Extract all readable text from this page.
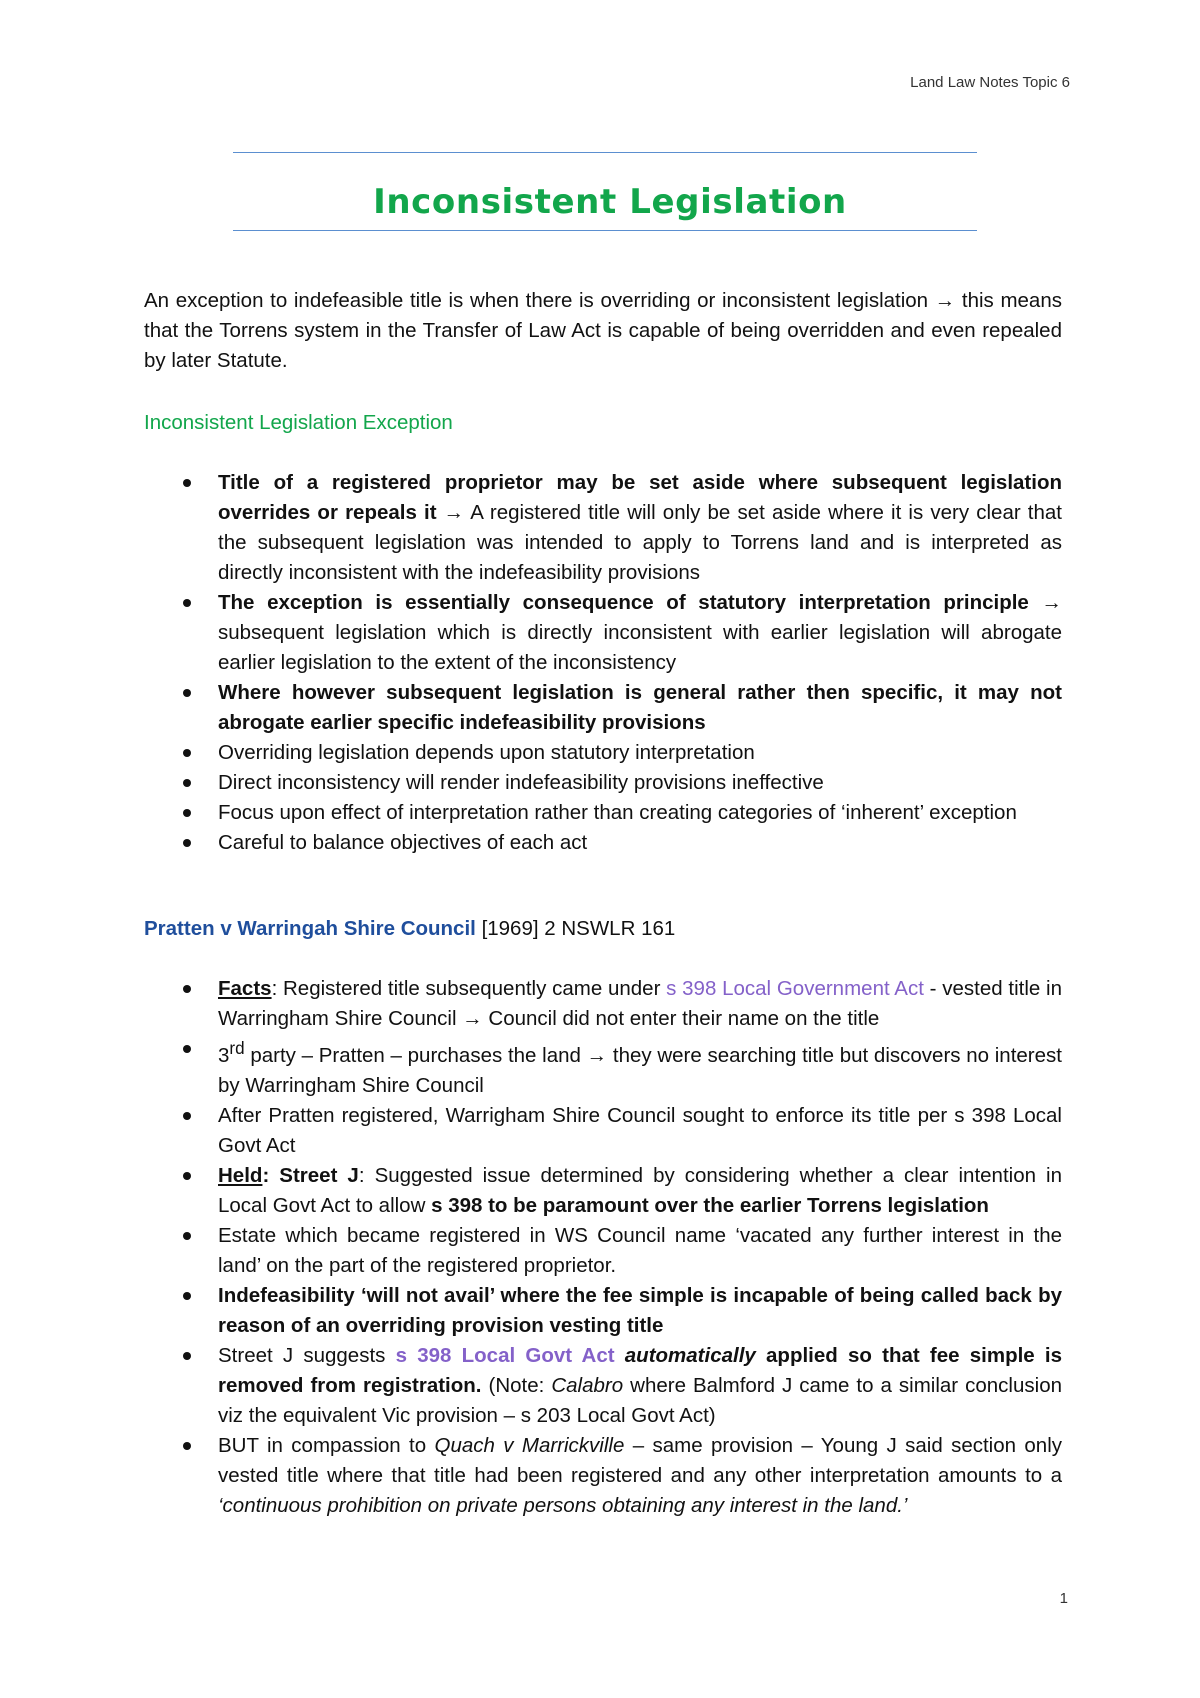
Land Law Notes Topic 6
Inconsistent Legislation

An exception to indefeasible title is when there is overriding or inconsistent legislation → this means that the Torrens system in the Transfer of Law Act is capable of being overridden and even repealed by later Statute.

Inconsistent Legislation Exception
Title of a registered proprietor may be set aside where subsequent legislation overrides or repeals it → A registered title will only be set aside where it is very clear that the subsequent legislation was intended to apply to Torrens land and is interpreted as directly inconsistent with the indefeasibility provisions
The exception is essentially consequence of statutory interpretation principle → subsequent legislation which is directly inconsistent with earlier legislation will abrogate earlier legislation to the extent of the inconsistency
Where however subsequent legislation is general rather then specific, it may not abrogate earlier specific indefeasibility provisions
Overriding legislation depends upon statutory interpretation
Direct inconsistency will render indefeasibility provisions ineffective
Focus upon effect of interpretation rather than creating categories of ‘inherent’ exception
Careful to balance objectives of each act
Pratten v Warringah Shire Council [1969] 2 NSWLR 161
Facts: Registered title subsequently came under s 398 Local Government Act - vested title in Warringham Shire Council → Council did not enter their name on the title
3rd party – Pratten – purchases the land → they were searching title but discovers no interest by Warringham Shire Council
After Pratten registered, Warrigham Shire Council sought to enforce its title per s 398 Local Govt Act
Held: Street J: Suggested issue determined by considering whether a clear intention in Local Govt Act to allow s 398 to be paramount over the earlier Torrens legislation
Estate which became registered in WS Council name ‘vacated any further interest in the land’ on the part of the registered proprietor.
Indefeasibility ‘will not avail’ where the fee simple is incapable of being called back by reason of an overriding provision vesting title
Street J suggests s 398 Local Govt Act automatically applied so that fee simple is removed from registration. (Note: Calabro where Balmford J came to a similar conclusion viz the equivalent Vic provision – s 203 Local Govt Act)
BUT in compassion to Quach v Marrickville – same provision – Young J said section only vested title where that title had been registered and any other interpretation amounts to a ‘continuous prohibition on private persons obtaining any interest in the land.’
1
